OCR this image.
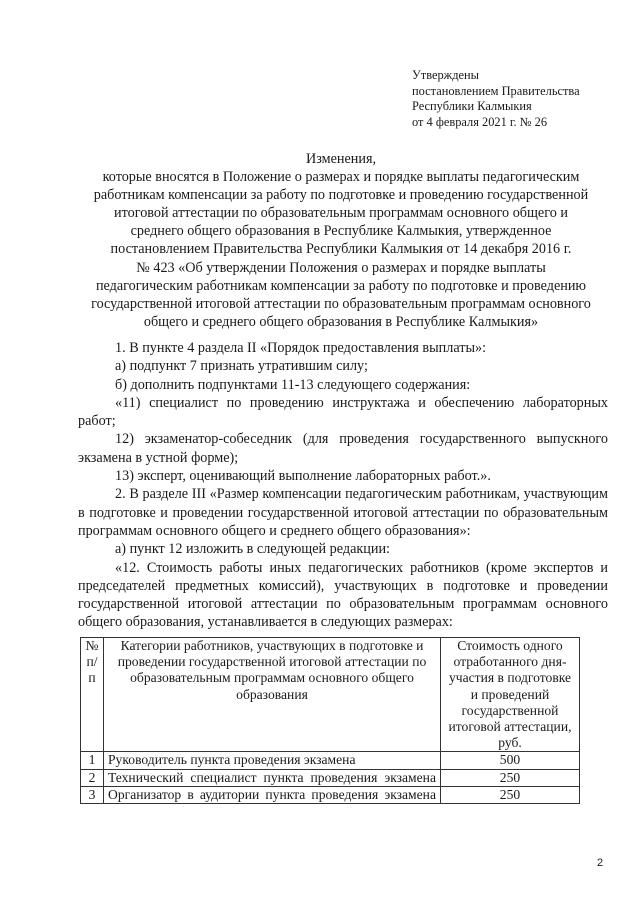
Утверждены
постановлением Правительства
Республики Калмыкия
от 4 февраля 2021 г. № 26
Изменения,
которые вносятся в Положение о размерах и порядке выплаты педагогическим
работникам компенсации за работу по подготовке и проведению государственной
итоговой аттестации по образовательным программам основного общего и
среднего общего образования в Республике Калмыкия, утвержденное
постановлением Правительства Республики Калмыкия от 14 декабря 2016 г.
№ 423 «Об утверждении Положения о размерах и порядке выплаты
педагогическим работникам компенсации за работу по подготовке и проведению
государственной итоговой аттестации по образовательным программам основного
общего и среднего общего образования в Республике Калмыкия»

1. В пункте 4 раздела II «Порядок предоставления выплаты»:

а) подпункт 7 признать утратившим силу;

б) дополнить подпунктами 11-13 следующего содержания:

«11) специалист по проведению инструктажа и обеспечению лабораторных работ;

12) экзаменатор-собеседник (для проведения государственного выпускного экзамена в устной форме);

13) эксперт, оценивающий выполнение лабораторных работ.».

2. В разделе III «Размер компенсации педагогическим работникам, участвующим в подготовке и проведении государственной итоговой аттестации по образовательным программам основного общего и среднего общего образования»:

а) пункт 12 изложить в следующей редакции:

«12. Стоимость работы иных педагогических работников (кроме экспертов и председателей предметных комиссий), участвующих в подготовке и проведении государственной итоговой аттестации по образовательным программам основного общего образования, устанавливается в следующих размерах:

№ п/п	Категории работников, участвующих в подготовке и проведении государственной итоговой аттестации по образовательным программам основного общего образования	Стоимость одного отработанного дня- участия в подготовке и проведений государственной итоговой аттестации, руб.
1	Руководитель пункта проведения экзамена	500
2	Технический специалист пункта проведения экзамена	250
3	Организатор в аудитории пункта проведения экзамена	250
2
